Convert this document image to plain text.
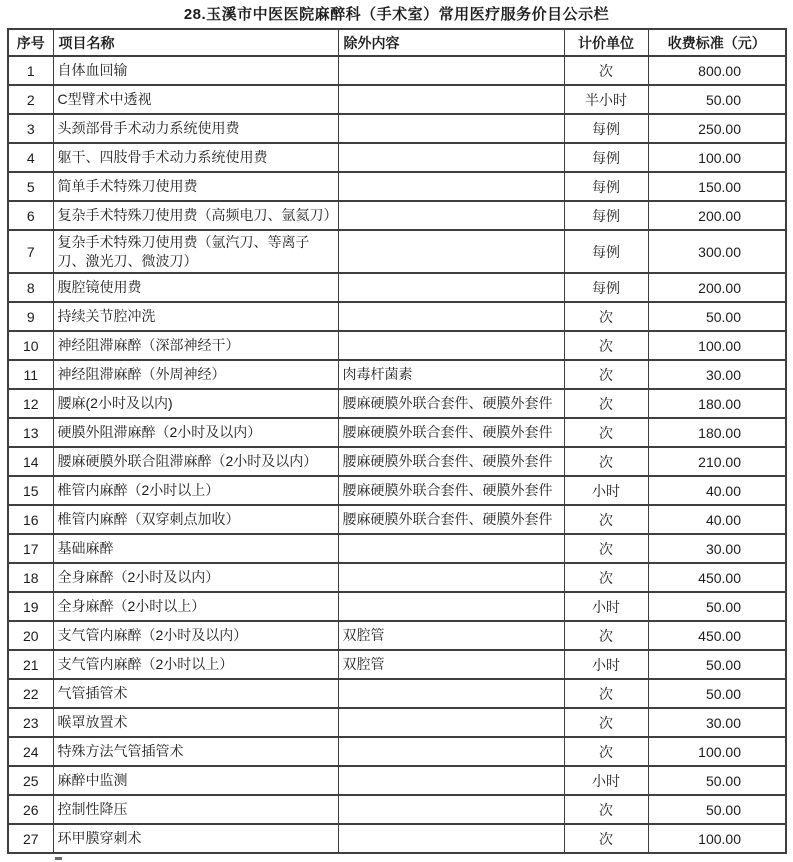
28.玉溪市中医医院麻醉科（手术室）常用医疗服务价目公示栏
序号	项目名称	除外内容	计价单位	收费标准（元）
1	自体血回输		次	800.00
2	C型臂术中透视		半小时	50.00
3	头颈部骨手术动力系统使用费		每例	250.00
4	躯干、四肢骨手术动力系统使用费		每例	100.00
5	简单手术特殊刀使用费		每例	150.00
6	复杂手术特殊刀使用费（高频电刀、氩氦刀）		每例	200.00
7	复杂手术特殊刀使用费（氩汽刀、等离子刀、激光刀、微波刀）		每例	300.00
8	腹腔镜使用费		每例	200.00
9	持续关节腔冲洗		次	50.00
10	神经阻滞麻醉（深部神经干）		次	100.00
11	神经阻滞麻醉（外周神经）	肉毒杆菌素	次	30.00
12	腰麻(2小时及以内)	腰麻硬膜外联合套件、硬膜外套件	次	180.00
13	硬膜外阻滞麻醉（2小时及以内）	腰麻硬膜外联合套件、硬膜外套件	次	180.00
14	腰麻硬膜外联合阻滞麻醉（2小时及以内）	腰麻硬膜外联合套件、硬膜外套件	次	210.00
15	椎管内麻醉（2小时以上）	腰麻硬膜外联合套件、硬膜外套件	小时	40.00
16	椎管内麻醉（双穿刺点加收）	腰麻硬膜外联合套件、硬膜外套件	次	40.00
17	基础麻醉		次	30.00
18	全身麻醉（2小时及以内）		次	450.00
19	全身麻醉（2小时以上）		小时	50.00
20	支气管内麻醉（2小时及以内）	双腔管	次	450.00
21	支气管内麻醉（2小时以上）	双腔管	小时	50.00
22	气管插管术		次	50.00
23	喉罩放置术		次	30.00
24	特殊方法气管插管术		次	100.00
25	麻醉中监测		小时	50.00
26	控制性降压		次	50.00
27	环甲膜穿刺术		次	100.00
